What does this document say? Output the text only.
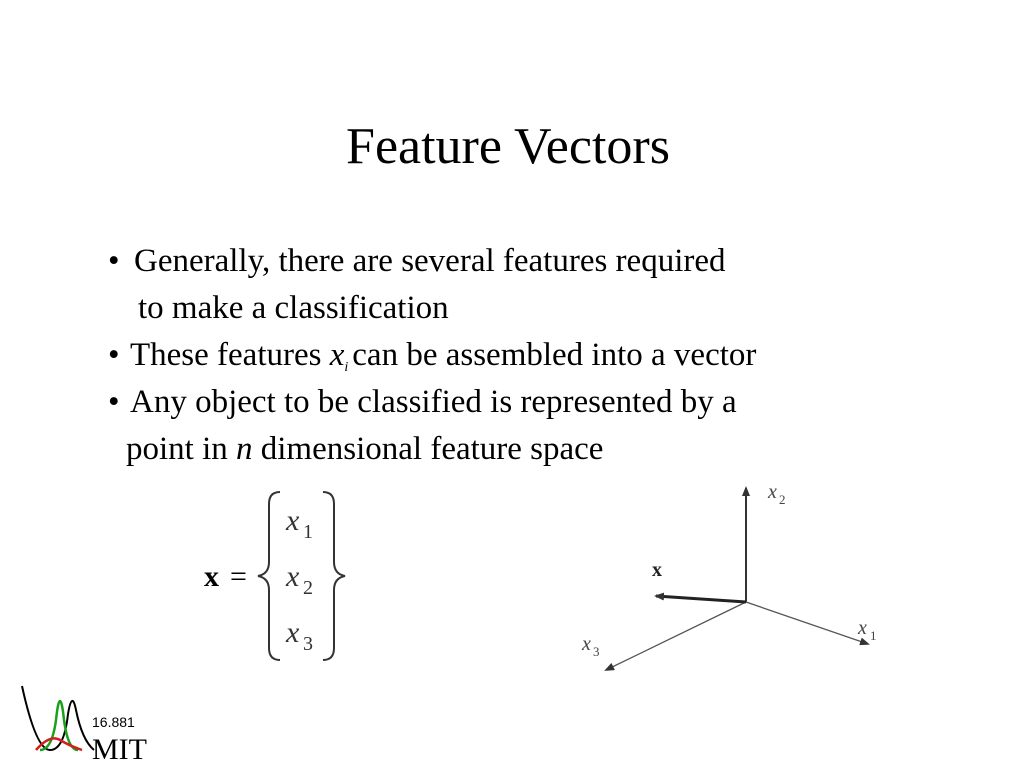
Feature Vectors
• Generally, there are several features required
to make a classification
• These features xi can be assembled into a vector
• Any object to be classified is represented by a
point in n dimensional feature space
x =
x 1
x 2
x 3
x 2
x 1
x 3
x
16.881
MIT
